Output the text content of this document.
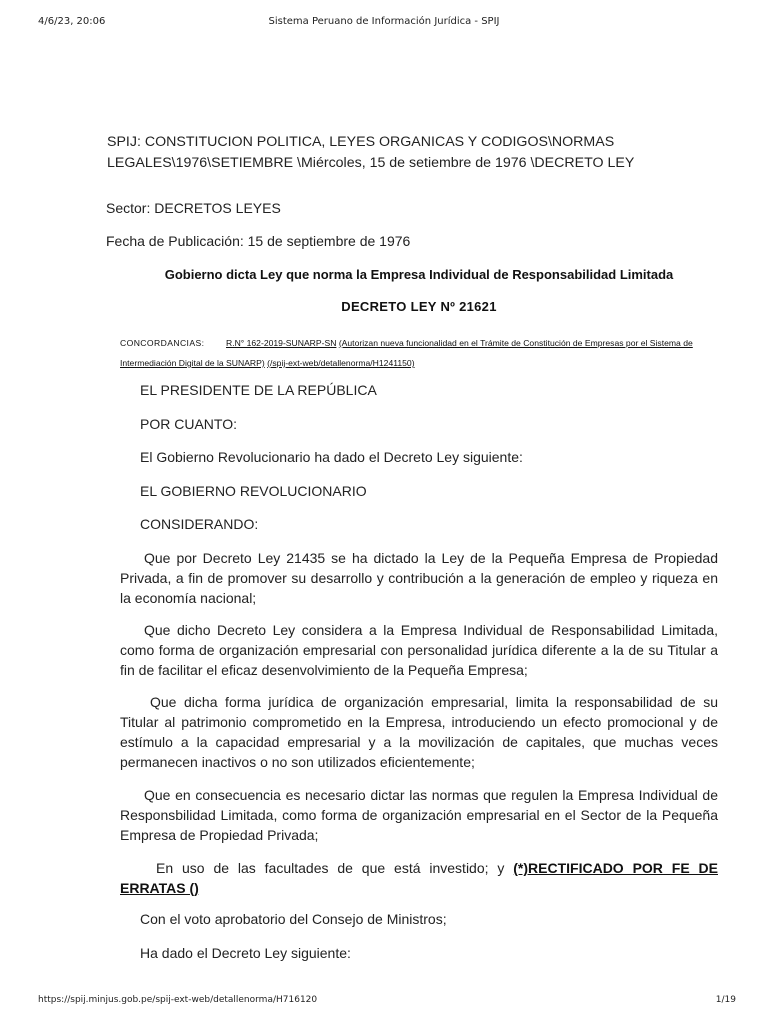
4/6/23, 20:06	Sistema Peruano de Información Jurídica - SPIJ
SPIJ: CONSTITUCION POLITICA, LEYES ORGANICAS Y CODIGOS\NORMAS LEGALES\1976\SETIEMBRE \Miércoles, 15 de setiembre de 1976 \DECRETO LEY
Sector: DECRETOS LEYES
Fecha de Publicación: 15 de septiembre de 1976
Gobierno dicta Ley que norma la Empresa Individual de Responsabilidad Limitada
DECRETO LEY Nº 21621
CONCORDANCIAS:	R.N° 162-2019-SUNARP-SN (Autorizan nueva funcionalidad en el Trámite de Constitución de Empresas por el Sistema de Intermediación Digital de la SUNARP) (/spij-ext-web/detallenorma/H1241150)
EL PRESIDENTE DE LA REPÚBLICA
POR CUANTO:
El Gobierno Revolucionario ha dado el Decreto Ley siguiente:
EL GOBIERNO REVOLUCIONARIO
CONSIDERANDO:
Que por Decreto Ley 21435 se ha dictado la Ley de la Pequeña Empresa de Propiedad Privada, a fin de promover su desarrollo y contribución a la generación de empleo y riqueza en la economía nacional;
Que dicho Decreto Ley considera a la Empresa Individual de Responsabilidad Limitada, como forma de organización empresarial con personalidad jurídica diferente a la de su Titular a fin de facilitar el eficaz desenvolvimiento de la Pequeña Empresa;
Que dicha forma jurídica de organización empresarial, limita la responsabilidad de su Titular al patrimonio comprometido en la Empresa, introduciendo un efecto promocional y de estímulo a la capacidad empresarial y a la movilización de capitales, que muchas veces permanecen inactivos o no son utilizados eficientemente;
Que en consecuencia es necesario dictar las normas que regulen la Empresa Individual de Responsbilidad Limitada, como forma de organización empresarial en el Sector de la Pequeña Empresa de Propiedad Privada;
En uso de las facultades de que está investido; y (*)RECTIFICADO POR FE DE ERRATAS ()
Con el voto aprobatorio del Consejo de Ministros;
Ha dado el Decreto Ley siguiente:
https://spij.minjus.gob.pe/spij-ext-web/detallenorma/H716120	1/19
